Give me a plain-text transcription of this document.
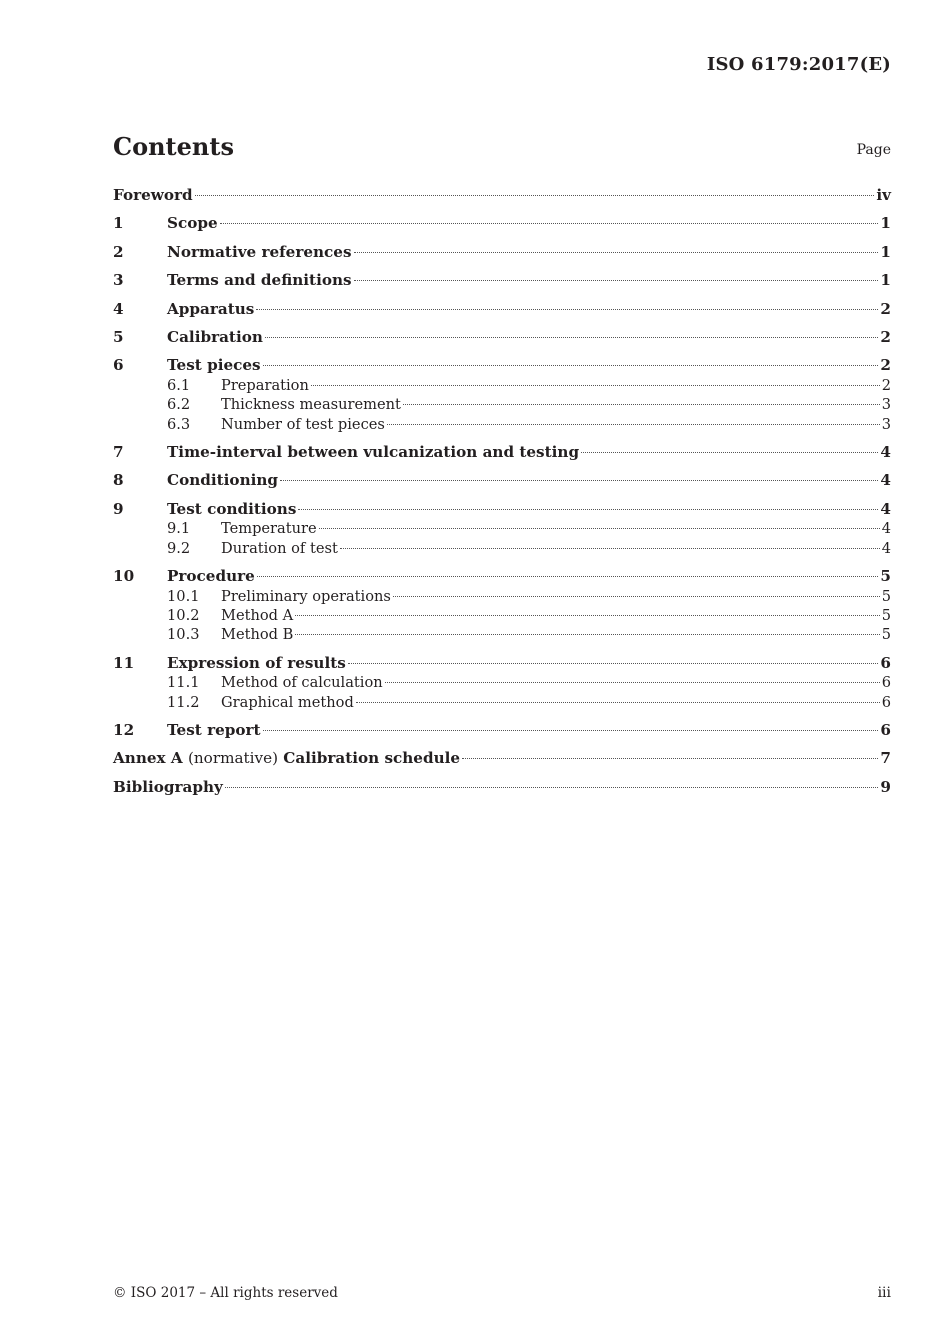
ISO 6179:2017(E)
Contents	Page
Foreword	iv
1	Scope	1
2	Normative references	1
3	Terms and definitions	1
4	Apparatus	2
5	Calibration	2
6	Test pieces	2
6.1	Preparation	2
6.2	Thickness measurement	3
6.3	Number of test pieces	3
7	Time-interval between vulcanization and testing	4
8	Conditioning	4
9	Test conditions	4
9.1	Temperature	4
9.2	Duration of test	4
10	Procedure	5
10.1	Preliminary operations	5
10.2	Method A	5
10.3	Method B	5
11	Expression of results	6
11.1	Method of calculation	6
11.2	Graphical method	6
12	Test report	6
Annex A (normative) Calibration schedule	7
Bibliography	9
© ISO 2017 – All rights reserved	iii
